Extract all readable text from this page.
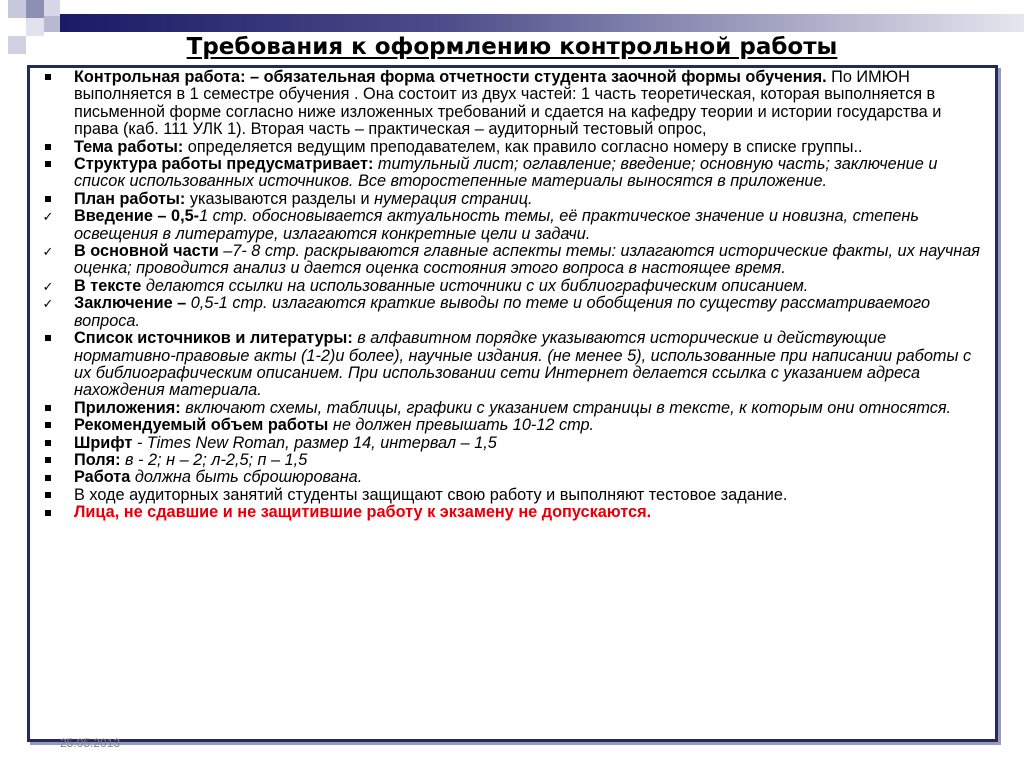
Требования к оформлению контрольной работы
Контрольная работа: – обязательная форма отчетности студента заочной формы обучения. По ИМЮН выполняется в 1 семестре обучения . Она состоит из двух частей: 1 часть теоретическая, которая выполняется в письменной форме согласно ниже изложенных требований и сдается на кафедру теории и истории государства и права (каб. 111 УЛК 1). Вторая часть – практическая – аудиторный тестовый опрос,
Тема работы: определяется ведущим преподавателем, как правило согласно номеру в списке группы..
Структура работы предусматривает: титульный лист; оглавление; введение; основную часть; заключение и список использованных источников. Все второстепенные материалы выносятся в приложение.
План работы: указываются разделы и нумерация страниц.
✓ Введение – 0,5-1 стр. обосновывается актуальность темы, её практическое значение и новизна, степень освещения в литературе, излагаются конкретные цели и задачи.
✓ В основной части –7- 8 стр. раскрываются главные аспекты темы: излагаются исторические факты, их научная оценка; проводится анализ и дается оценка состояния этого вопроса в настоящее время.
✓ В тексте делаются ссылки на использованные источники с их библиографическим описанием.
✓ Заключение – 0,5-1 стр. излагаются краткие выводы по теме и обобщения по существу рассматриваемого вопроса.
Список источников и литературы: в алфавитном порядке указываются исторические и действующие нормативно-правовые акты (1-2)и более), научные издания. (не менее 5), использованные при написании работы с их библиографическим описанием. При использовании сети Интернет делается ссылка с указанием адреса нахождения материала.
Приложения: включают схемы, таблицы, графики с указанием страницы в тексте, к которым они относятся.
Рекомендуемый объем работы не должен превышать 10-12 стр.
Шрифт - Times New Roman, размер 14, интервал – 1,5
Поля: в - 2; н – 2; л-2,5; п – 1,5
Работа должна быть сброшюрована.
В ходе аудиторных занятий студенты защищают свою работу и выполняют тестовое задание.
Лица, не сдавшие и не защитившие работу к экзамену не допускаются.
25.05.2013
